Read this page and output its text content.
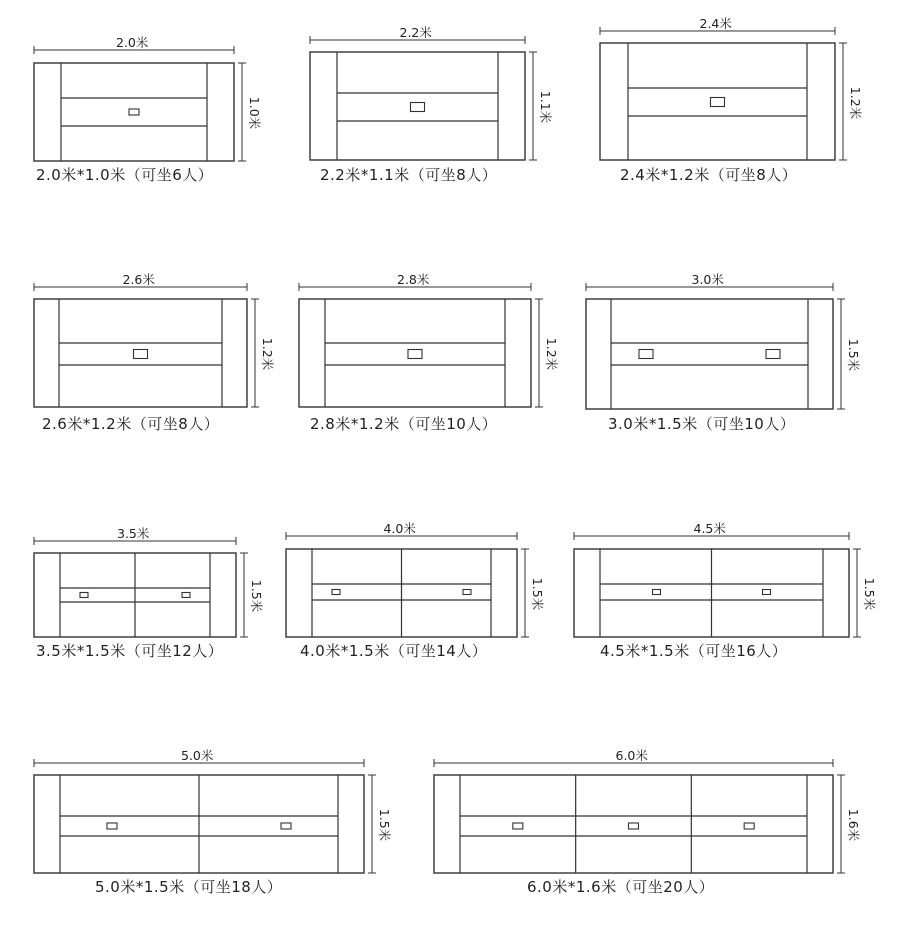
2.0米
1.0米
2.0米*1.0米（可坐6人）
2.2米
1.1米
2.2米*1.1米（可坐8人）
2.4米
1.2米
2.4米*1.2米（可坐8人）
2.6米
1.2米
2.6米*1.2米（可坐8人）
2.8米
1.2米
2.8米*1.2米（可坐10人）
3.0米
1.5米
3.0米*1.5米（可坐10人）
3.5米
1.5米
3.5米*1.5米（可坐12人）
4.0米
1.5米
4.0米*1.5米（可坐14人）
4.5米
1.5米
4.5米*1.5米（可坐16人）
5.0米
1.5米
5.0米*1.5米（可坐18人）
6.0米
1.6米
6.0米*1.6米（可坐20人）
